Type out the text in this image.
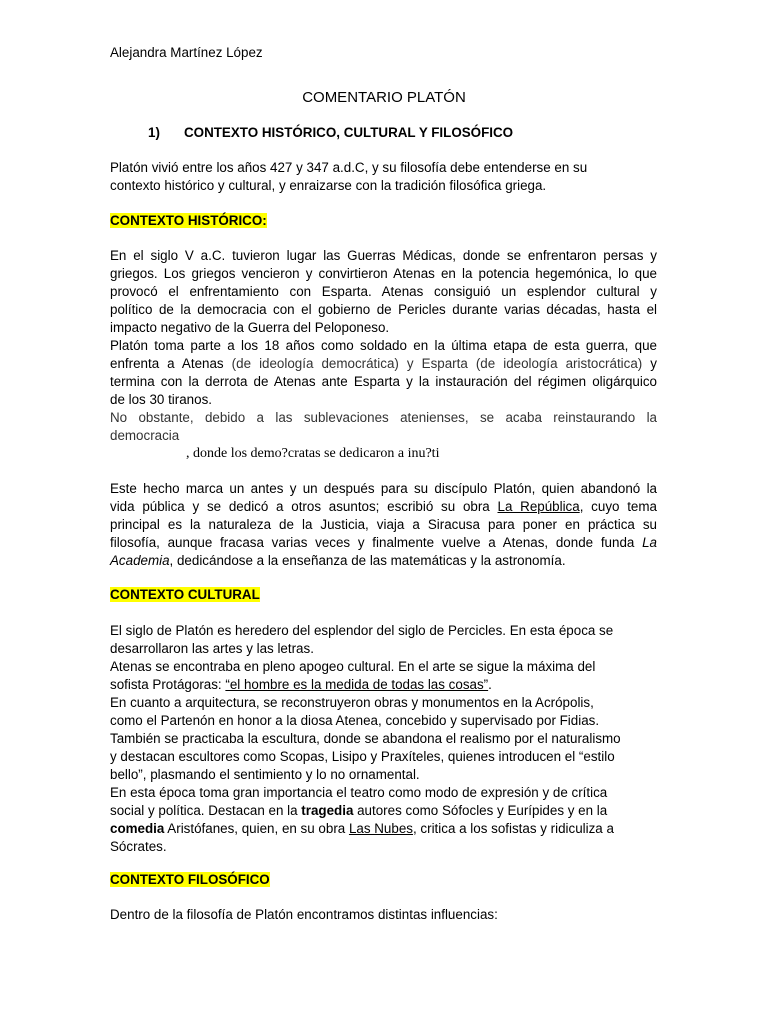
Alejandra Martínez López
COMENTARIO PLATÓN
1) CONTEXTO HISTÓRICO, CULTURAL Y FILOSÓFICO
Platón vivió entre los años 427 y 347 a.d.C, y su filosofía debe entenderse en su
contexto histórico y cultural, y enraizarse con la tradición filosófica griega.
CONTEXTO HISTÓRICO:
En el siglo V a.C. tuvieron lugar las Guerras Médicas, donde se enfrentaron persas y
griegos. Los griegos vencieron y convirtieron Atenas en la potencia hegemónica, lo que
provocó el enfrentamiento con Esparta. Atenas consiguió un esplendor cultural y
político de la democracia con el gobierno de Pericles durante varias décadas, hasta el
impacto negativo de la Guerra del Peloponeso.
Platón toma parte a los 18 años como soldado en la última etapa de esta guerra, que
enfrenta a Atenas (de ideología democrática) y Esparta (de ideología aristocrática) y
termina con la derrota de Atenas ante Esparta y la instauración del régimen oligárquico
de los 30 tiranos.
No obstante, debido a las sublevaciones atenienses, se acaba reinstaurando la
democracia
, donde los demo?cratas se dedicaron a inu?ti
Este hecho marca un antes y un después para su discípulo Platón, quien abandonó la
vida pública y se dedicó a otros asuntos; escribió su obra La República, cuyo tema
principal es la naturaleza de la Justicia, viaja a Siracusa para poner en práctica su
filosofía, aunque fracasa varias veces y finalmente vuelve a Atenas, donde funda La
Academia, dedicándose a la enseñanza de las matemáticas y la astronomía.
CONTEXTO CULTURAL
El siglo de Platón es heredero del esplendor del siglo de Percicles. En esta época se
desarrollaron las artes y las letras.
Atenas se encontraba en pleno apogeo cultural. En el arte se sigue la máxima del
sofista Protágoras: “el hombre es la medida de todas las cosas”.
En cuanto a arquitectura, se reconstruyeron obras y monumentos en la Acrópolis,
como el Partenón en honor a la diosa Atenea, concebido y supervisado por Fidias.
También se practicaba la escultura, donde se abandona el realismo por el naturalismo
y destacan escultores como Scopas, Lisipo y Praxíteles, quienes introducen el “estilo
bello”, plasmando el sentimiento y lo no ornamental.
En esta época toma gran importancia el teatro como modo de expresión y de crítica
social y política. Destacan en la tragedia autores como Sófocles y Eurípides y en la
comedia Aristófanes, quien, en su obra Las Nubes, critica a los sofistas y ridiculiza a
Sócrates.
CONTEXTO FILOSÓFICO
Dentro de la filosofía de Platón encontramos distintas influencias:
